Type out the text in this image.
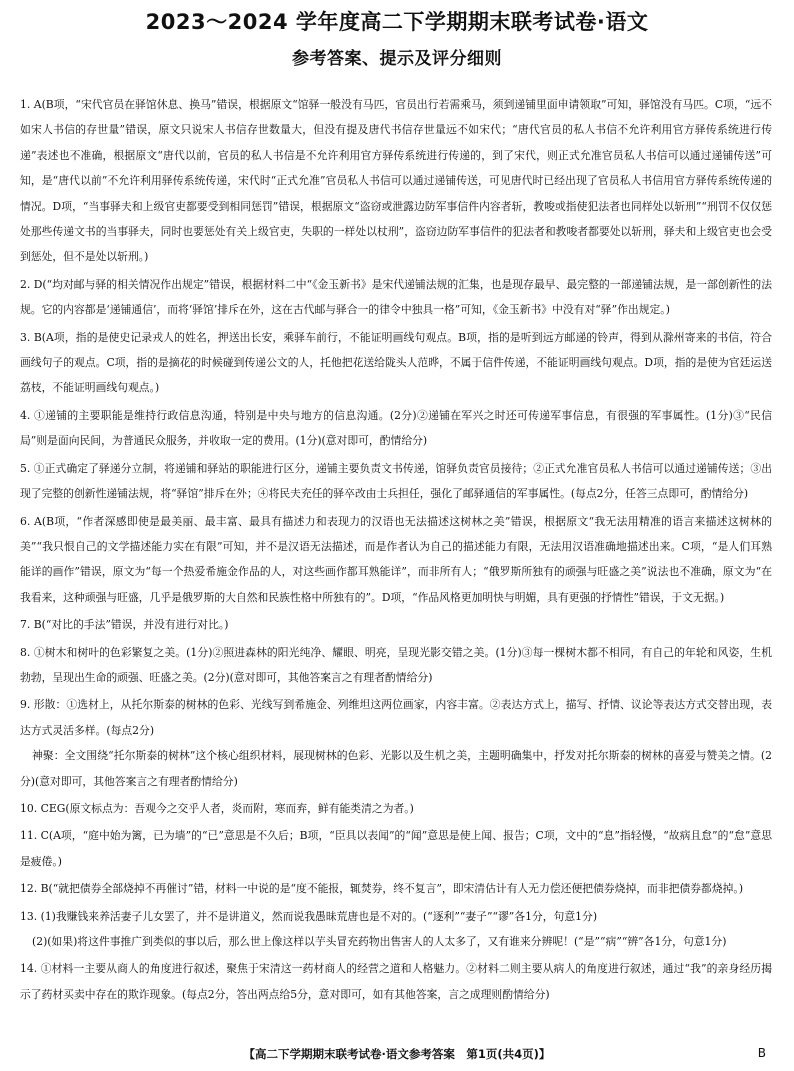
2023～2024 学年度高二下学期期末联考试卷·语文
参考答案、提示及评分细则
1. A(B项，“宋代官员在驿馆休息、换马”错误，根据原文“馆驿一般没有马匹，官员出行若需乘马，须到递铺里面申请领取”可知，驿馆没有马匹。C项，“远不如宋人书信的存世量”错误，原文只说宋人书信存世数量大，但没有提及唐代书信存世量远不如宋代；“唐代官员的私人书信不允许利用官方驿传系统进行传递”表述也不准确，根据原文“唐代以前，官员的私人书信是不允许利用官方驿传系统进行传递的，到了宋代，则正式允准官员私人书信可以通过递铺传送”可知，是“唐代以前”不允许利用驿传系统传递，宋代时“正式允准”官员私人书信可以通过递铺传送，可见唐代时已经出现了官员私人书信用官方驿传系统传递的情况。D项，“当事驿夫和上级官吏都要受到相同惩罚”错误，根据原文“盗窃或泄露边防军事信件内容者斩，教唆或指使犯法者也同样处以斩刑”“刑罚不仅仅惩处那些传递文书的当事驿夫，同时也要惩处有关上级官吏，失职的一样处以杖刑”，盗窃边防军事信件的犯法者和教唆者都要处以斩刑，驿夫和上级官吏也会受到惩处，但不是处以斩刑。)
2. D(“均对邮与驿的相关情况作出规定”错误，根据材料二中“《金玉新书》是宋代递铺法规的汇集，也是现存最早、最完整的一部递铺法规，是一部创新性的法规。它的内容都是‘递铺通信’，而将‘驿馆’排斥在外，这在古代邮与驿合一的律令中独具一格”可知，《金玉新书》中没有对“驿”作出规定。)
3. B(A项，指的是使史记录戎人的姓名，押送出长安，乘驿车前行，不能证明画线句观点。B项，指的是听到远方邮递的铃声，得到从滁州寄来的书信，符合画线句子的观点。C项，指的是摘花的时候碰到传递公文的人，托他把花送给陇头人范晔，不属于信件传递，不能证明画线句观点。D项，指的是使为官廷运送荔枝，不能证明画线句观点。)
4. ①递铺的主要职能是维持行政信息沟通，特别是中央与地方的信息沟通。(2分)②递铺在军兴之时还可传递军事信息，有很强的军事属性。(1分)③“民信局”则是面向民间，为普通民众服务，并收取一定的费用。(1分)(意对即可，酌情给分)
5. ①正式确定了驿递分立制，将递铺和驿站的职能进行区分，递铺主要负责文书传递，馆驿负责官员接待；②正式允准官员私人书信可以通过递铺传送；③出现了完整的创新性递铺法规，将“驿馆”排斥在外；④将民夫充任的驿卒改由士兵担任，强化了邮驿通信的军事属性。(每点2分，任答三点即可，酌情给分)
6. A(B项，“作者深感即使是最美丽、最丰富、最具有描述力和表现力的汉语也无法描述这树林之美”错误，根据原文“我无法用精准的语言来描述这树林的美”“我只恨自己的文学描述能力实在有限”可知，并不是汉语无法描述，而是作者认为自己的描述能力有限，无法用汉语准确地描述出来。C项，“是人们耳熟能详的画作”错误，原文为“每一个热爱希施金作品的人，对这些画作都耳熟能详”，而非所有人；“俄罗斯所独有的顽强与旺盛之美”说法也不准确，原文为“在我看来，这种顽强与旺盛，几乎是俄罗斯的大自然和民族性格中所独有的”。D项，“作品风格更加明快与明媚，具有更强的抒情性”错误，于文无据。)
7. B(“对比的手法”错误，并没有进行对比。)
8. ①树木和树叶的色彩繁复之美。(1分)②照进森林的阳光纯净、耀眼、明亮，呈现光影交错之美。(1分)③每一棵树木都不相同，有自己的年轮和风姿，生机勃勃，呈现出生命的顽强、旺盛之美。(2分)(意对即可，其他答案言之有理者酌情给分)
9. 形散：①选材上，从托尔斯泰的树林的色彩、光线写到希施金、列维坦这两位画家，内容丰富。②表达方式上，描写、抒情、议论等表达方式交替出现，表达方式灵活多样。(每点2分)
神聚：全文围绕“托尔斯泰的树林”这个核心组织材料，展现树林的色彩、光影以及生机之美，主题明确集中，抒发对托尔斯泰的树林的喜爱与赞美之情。(2分)(意对即可，其他答案言之有理者酌情给分)
10. CEG(原文标点为：吾观今之交乎人者，炎而附，寒而弃，鲜有能类清之为者。)
11. C(A项，“庭中始为篱，已为墙”的“已”意思是不久后；B项，“臣具以表闻”的“闻”意思是使上闻、报告；C项，文中的“息”指轻慢，“故病且怠”的“怠”意思是疲倦。)
12. B(“就把债券全部烧掉不再催讨”错，材料一中说的是“度不能报，辄焚券，终不复言”，即宋清估计有人无力偿还便把债券烧掉，而非把债券都烧掉。)
13. (1)我赚钱来养活妻子儿女罢了，并不是讲道义，然而说我愚昧荒唐也是不对的。(“逐利”“妻子”“谬”各1分，句意1分)
(2)(如果)将这件事推广到类似的事以后，那么世上像这样以芋头冒充药物出售害人的人太多了，又有谁来分辨呢！(“是”“病”“辨”各1分，句意1分)
14. ①材料一主要从商人的角度进行叙述，聚焦于宋清这一药材商人的经营之道和人格魅力。②材料二则主要从病人的角度进行叙述，通过“我”的亲身经历揭示了药材买卖中存在的欺诈现象。(每点2分，答出两点给5分，意对即可，如有其他答案，言之成理则酌情给分)
【高二下学期期末联考试卷·语文参考答案　第1页(共4页)】	B
